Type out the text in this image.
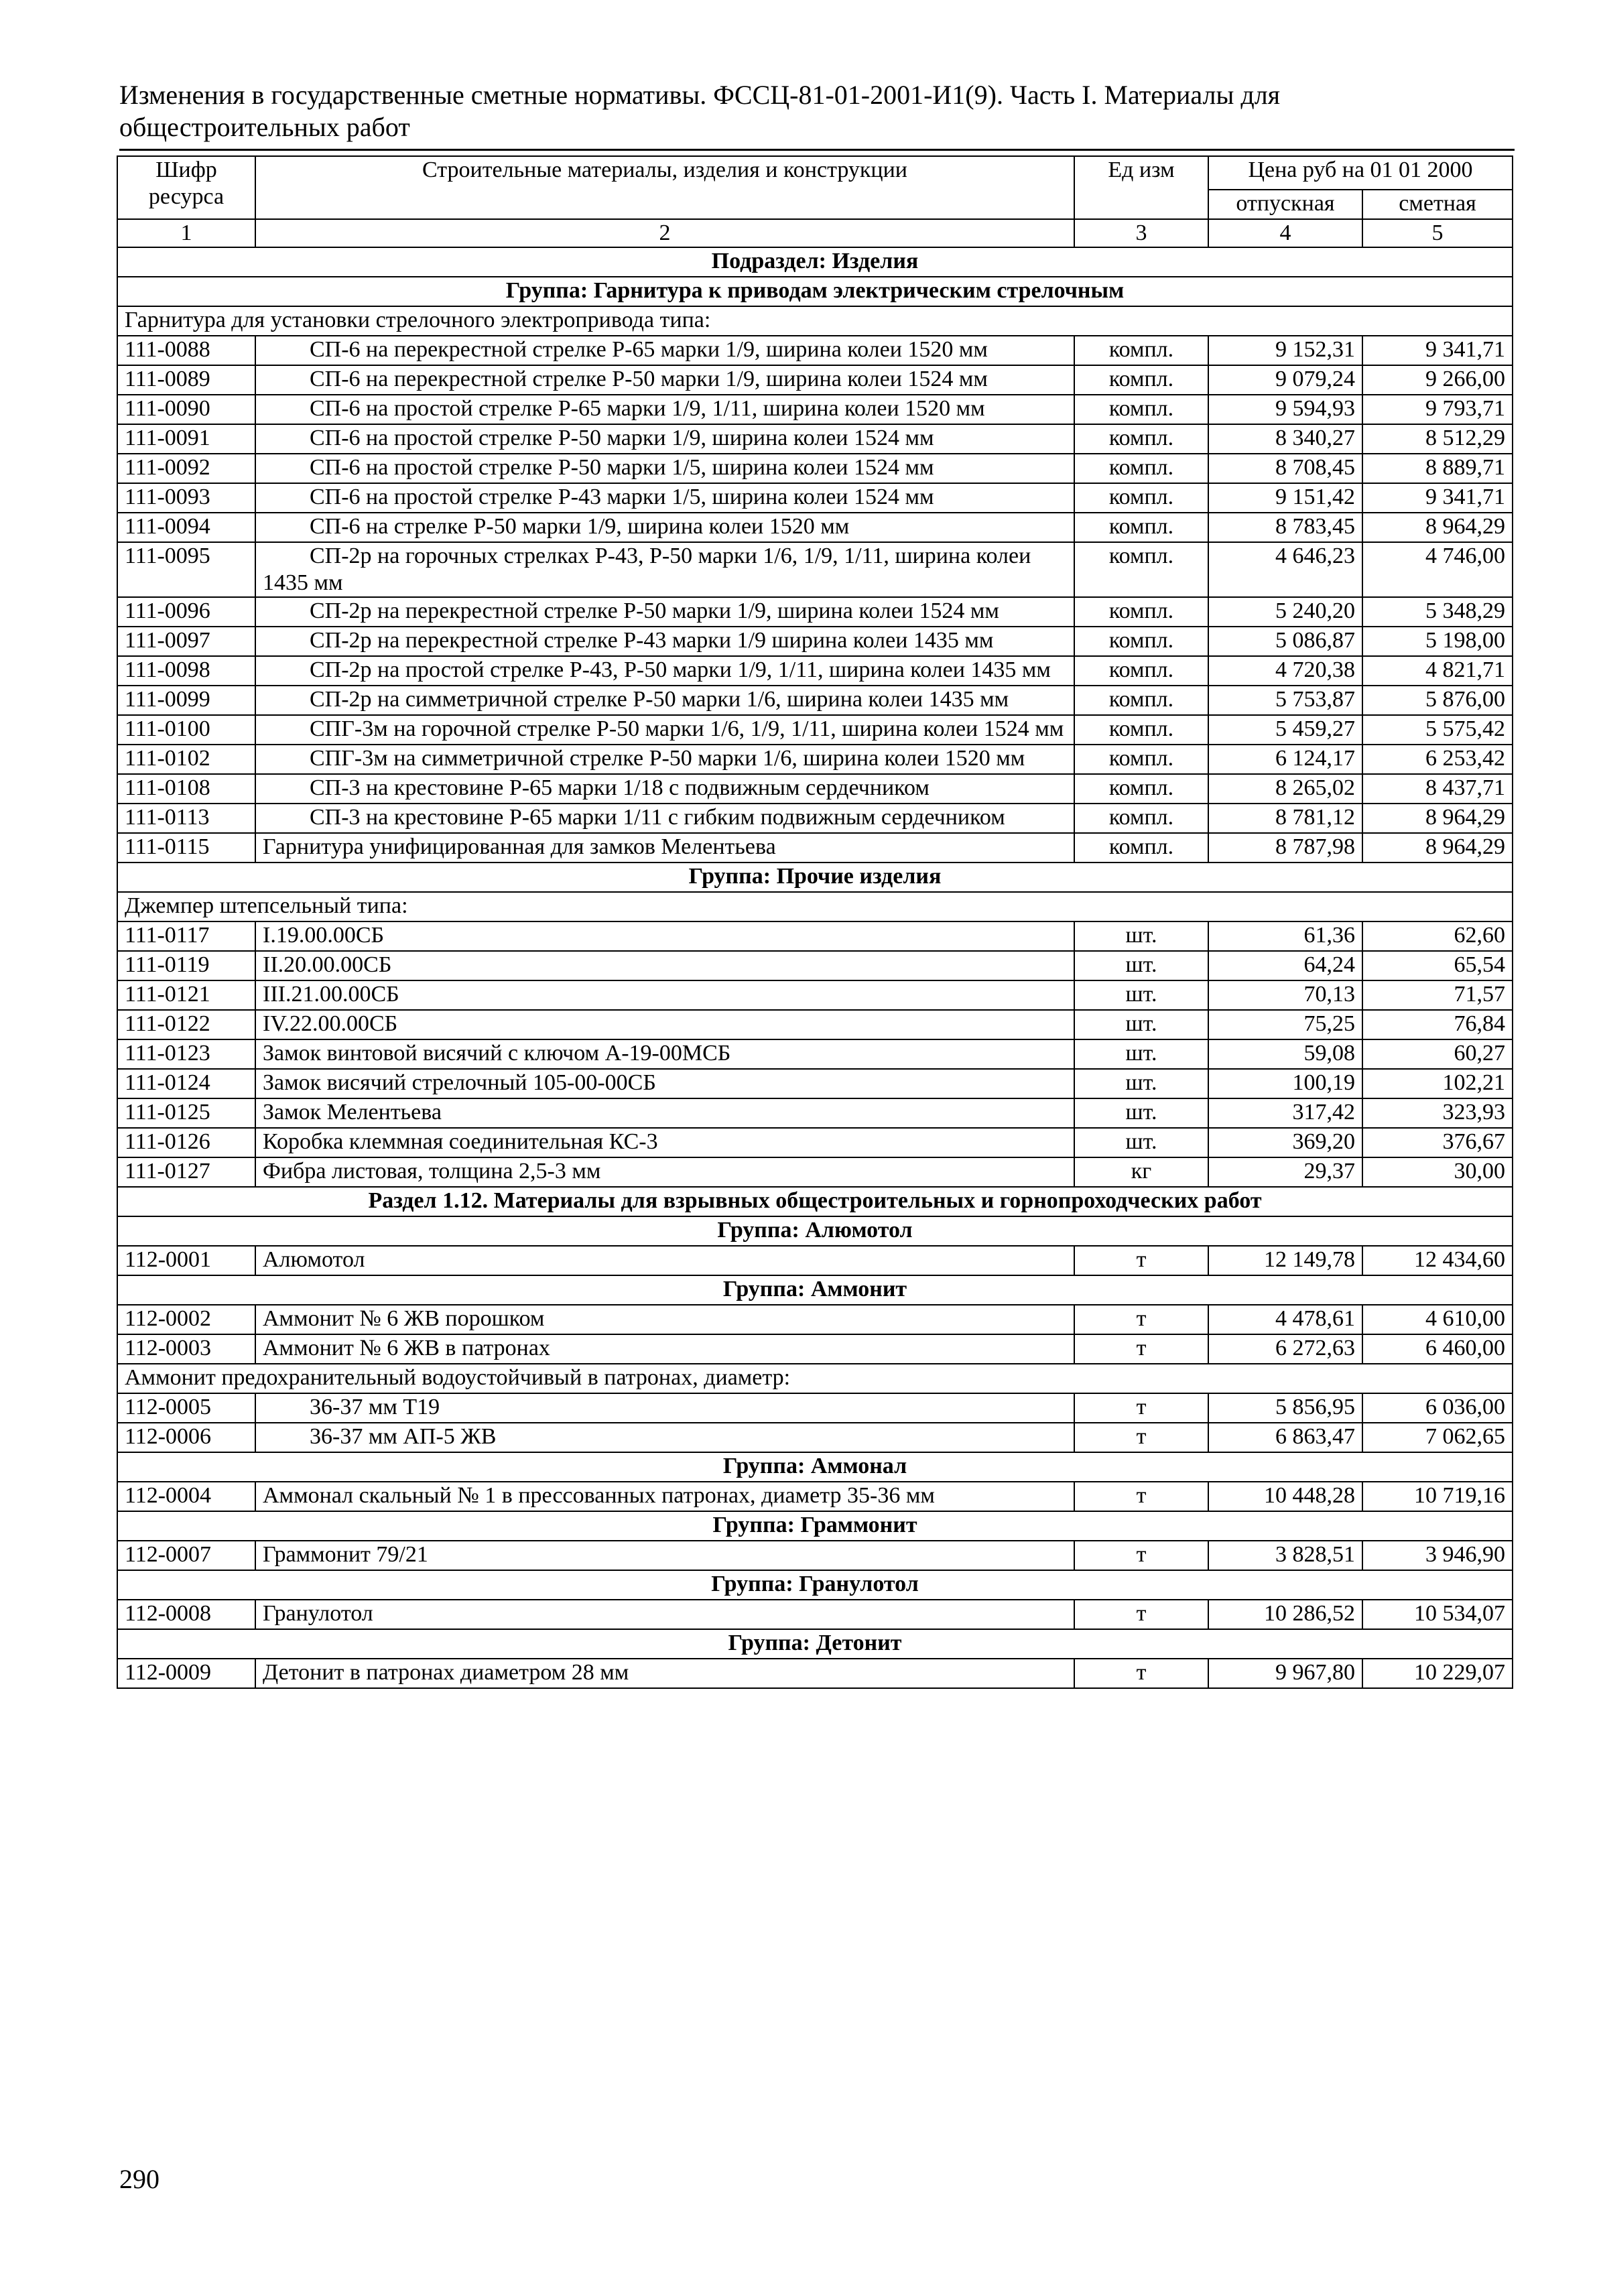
Изменения в государственные сметные нормативы. ФССЦ-81-01-2001-И1(9). Часть I. Материалы для
общестроительных работ
Шифр ресурса	Строительные материалы, изделия и конструкции	Ед изм	Цена руб на 01 01 2000	
			отпускная	сметная
1	2	3	4	5
Подраздел: Изделия				
Группа: Гарнитура к приводам электрическим стрелочным				
Гарнитура для установки стрелочного электропривода типа:				
111-0088	СП-6 на перекрестной стрелке Р-65 марки 1/9, ширина колеи 1520 мм	компл.	9 152,31	9 341,71
111-0089	СП-6 на перекрестной стрелке Р-50 марки 1/9, ширина колеи 1524 мм	компл.	9 079,24	9 266,00
111-0090	СП-6 на простой стрелке Р-65 марки 1/9, 1/11, ширина колеи 1520 мм	компл.	9 594,93	9 793,71
111-0091	СП-6 на простой стрелке Р-50 марки 1/9, ширина колеи 1524 мм	компл.	8 340,27	8 512,29
111-0092	СП-6 на простой стрелке Р-50 марки 1/5, ширина колеи 1524 мм	компл.	8 708,45	8 889,71
111-0093	СП-6 на простой стрелке Р-43 марки 1/5, ширина колеи 1524 мм	компл.	9 151,42	9 341,71
111-0094	СП-6 на стрелке Р-50 марки 1/9, ширина колеи 1520 мм	компл.	8 783,45	8 964,29
111-0095	СП-2р на горочных стрелках Р-43, Р-50 марки 1/6, 1/9, 1/11, ширина колеи 1435 мм	компл.	4 646,23	4 746,00
111-0096	СП-2р на перекрестной стрелке Р-50 марки 1/9, ширина колеи 1524 мм	компл.	5 240,20	5 348,29
111-0097	СП-2р на перекрестной стрелке Р-43 марки 1/9 ширина колеи 1435 мм	компл.	5 086,87	5 198,00
111-0098	СП-2р на простой стрелке Р-43, Р-50 марки 1/9, 1/11, ширина колеи 1435 мм	компл.	4 720,38	4 821,71
111-0099	СП-2р на симметричной стрелке Р-50 марки 1/6, ширина колеи 1435 мм	компл.	5 753,87	5 876,00
111-0100	СПГ-3м на горочной стрелке Р-50 марки 1/6, 1/9, 1/11, ширина колеи 1524 мм	компл.	5 459,27	5 575,42
111-0102	СПГ-3м на симметричной стрелке Р-50 марки 1/6, ширина колеи 1520 мм	компл.	6 124,17	6 253,42
111-0108	СП-3 на крестовине Р-65 марки 1/18 с подвижным сердечником	компл.	8 265,02	8 437,71
111-0113	СП-3 на крестовине Р-65 марки 1/11 с гибким подвижным сердечником	компл.	8 781,12	8 964,29
111-0115	Гарнитура унифицированная для замков Мелентьева	компл.	8 787,98	8 964,29
Группа: Прочие изделия				
Джемпер штепсельный типа:				
111-0117	I.19.00.00СБ	шт.	61,36	62,60
111-0119	II.20.00.00СБ	шт.	64,24	65,54
111-0121	III.21.00.00СБ	шт.	70,13	71,57
111-0122	IV.22.00.00СБ	шт.	75,25	76,84
111-0123	Замок винтовой висячий с ключом А-19-00МСБ	шт.	59,08	60,27
111-0124	Замок висячий стрелочный 105-00-00СБ	шт.	100,19	102,21
111-0125	Замок Мелентьева	шт.	317,42	323,93
111-0126	Коробка клеммная соединительная КС-3	шт.	369,20	376,67
111-0127	Фибра листовая, толщина 2,5-3 мм	кг	29,37	30,00
Раздел 1.12. Материалы для взрывных общестроительных и горнопроходческих работ				
Группа: Алюмотол				
112-0001	Алюмотол	т	12 149,78	12 434,60
Группа: Аммонит				
112-0002	Аммонит № 6 ЖВ порошком	т	4 478,61	4 610,00
112-0003	Аммонит № 6 ЖВ в патронах	т	6 272,63	6 460,00
Аммонит предохранительный водоустойчивый в патронах, диаметр:				
112-0005	36-37 мм Т19	т	5 856,95	6 036,00
112-0006	36-37 мм АП-5 ЖВ	т	6 863,47	7 062,65
Группа: Аммонал				
112-0004	Аммонал скальный № 1 в прессованных патронах, диаметр 35-36 мм	т	10 448,28	10 719,16
Группа: Граммонит				
112-0007	Граммонит 79/21	т	3 828,51	3 946,90
Группа: Гранулотол				
112-0008	Гранулотол	т	10 286,52	10 534,07
Группа: Детонит				
112-0009	Детонит в патронах диаметром 28 мм	т	9 967,80	10 229,07
290
